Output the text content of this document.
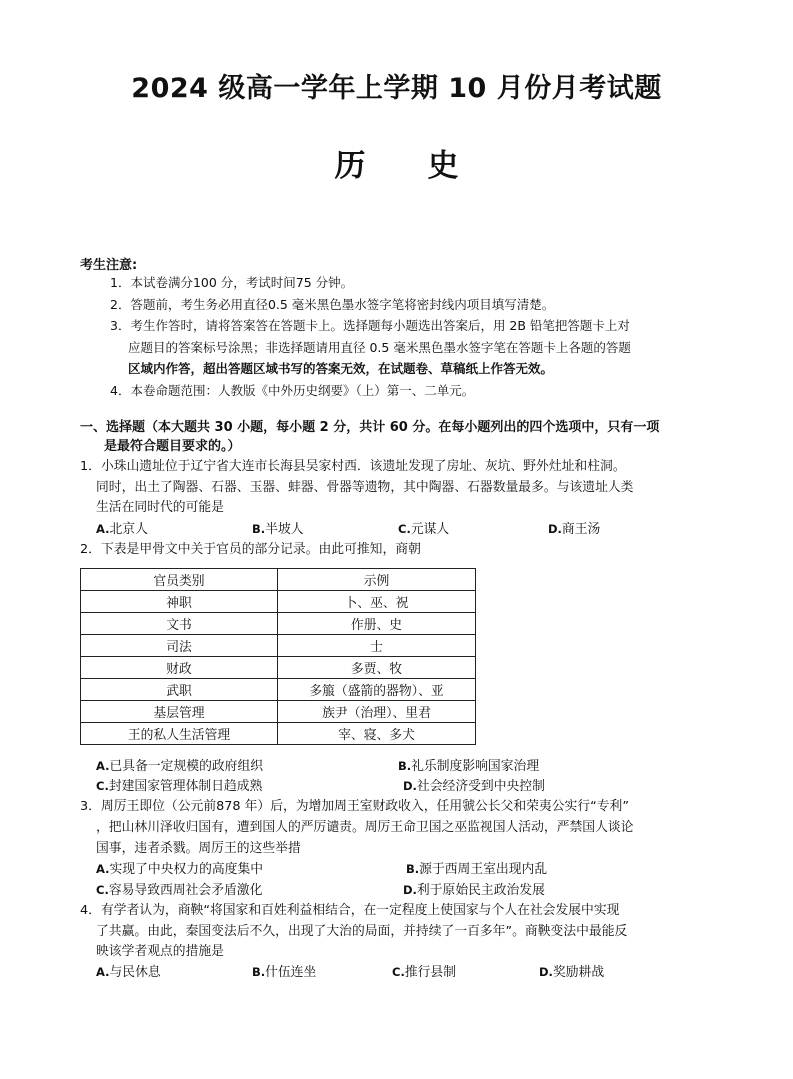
2024 级高一学年上学期 10 月份月考试题
历 史
考生注意:
1．本试卷满分100 分，考试时间75 分钟。
2．答题前，考生务必用直径0.5 毫米黑色墨水签字笔将密封线内项目填写清楚。
3．考生作答时，请将答案答在答题卡上。选择题每小题选出答案后，用 2B 铅笔把答题卡上对
应题目的答案标号涂黑；非选择题请用直径 0.5 毫米黑色墨水签字笔在答题卡上各题的答题
区域内作答，超出答题区域书写的答案无效，在试题卷、草稿纸上作答无效。
4．本卷命题范围：人教版《中外历史纲要》（上）第一、二单元。
一、选择题（本大题共 30 小题，每小题 2 分，共计 60 分。在每小题列出的四个选项中，只有一项
是最符合题目要求的。）
1．小珠山遗址位于辽宁省大连市长海县吴家村西．该遗址发现了房址、灰坑、野外灶址和柱洞。
同时，出土了陶器、石器、玉器、蚌器、骨器等遗物，其中陶器、石器数量最多。与该遗址人类
生活在同时代的可能是
A.北京人	B.半坡人	C.元谋人	D.商王汤
2．下表是甲骨文中关于官员的部分记录。由此可推知，商朝
官员类别	示例
神职	卜、巫、祝
文书	作册、史
司法	士
财政	多贾、牧
武职	多箙（盛箭的器物）、亚
基层管理	族尹（治理）、里君
王的私人生活管理	宰、寝、多犬
A.已具备一定规模的政府组织	B.礼乐制度影响国家治理
C.封建国家管理体制日趋成熟	D.社会经济受到中央控制
3．周厉王即位（公元前878 年）后，为增加周王室财政收入，任用虢公长父和荣夷公实行“专利”
，把山林川泽收归国有，遭到国人的严厉谴责。周厉王命卫国之巫监视国人活动，严禁国人谈论
国事，违者杀戮。周厉王的这些举措
A.实现了中央权力的高度集中	B.源于西周王室出现内乱
C.容易导致西周社会矛盾激化	D.利于原始民主政治发展
4．有学者认为，商鞅“将国家和百姓利益相结合，在一定程度上使国家与个人在社会发展中实现
了共赢。由此，秦国变法后不久，出现了大治的局面，并持续了一百多年”。商鞅变法中最能反
映该学者观点的措施是
A.与民休息	B.什伍连坐	C.推行县制	D.奖励耕战
